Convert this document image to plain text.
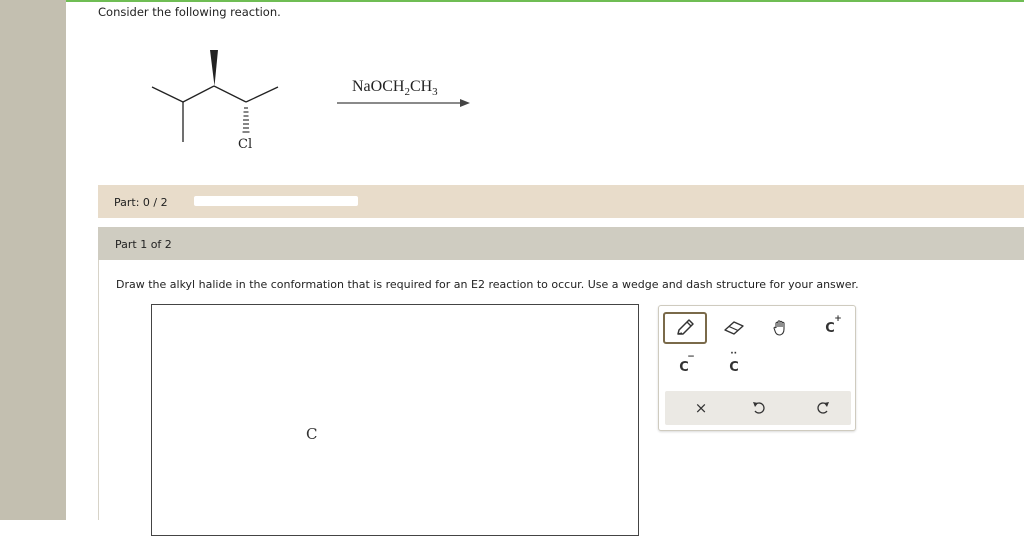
Consider the following reaction.
Cl
$NaOCH_2CH_3$
Part: 0 / 2
Part 1 of 2
Draw the alkyl halide in the conformation that is required for an E2 reaction to occur. Use a wedge and dash structure for your answer.
C
C
+
C
−	··
C
×
